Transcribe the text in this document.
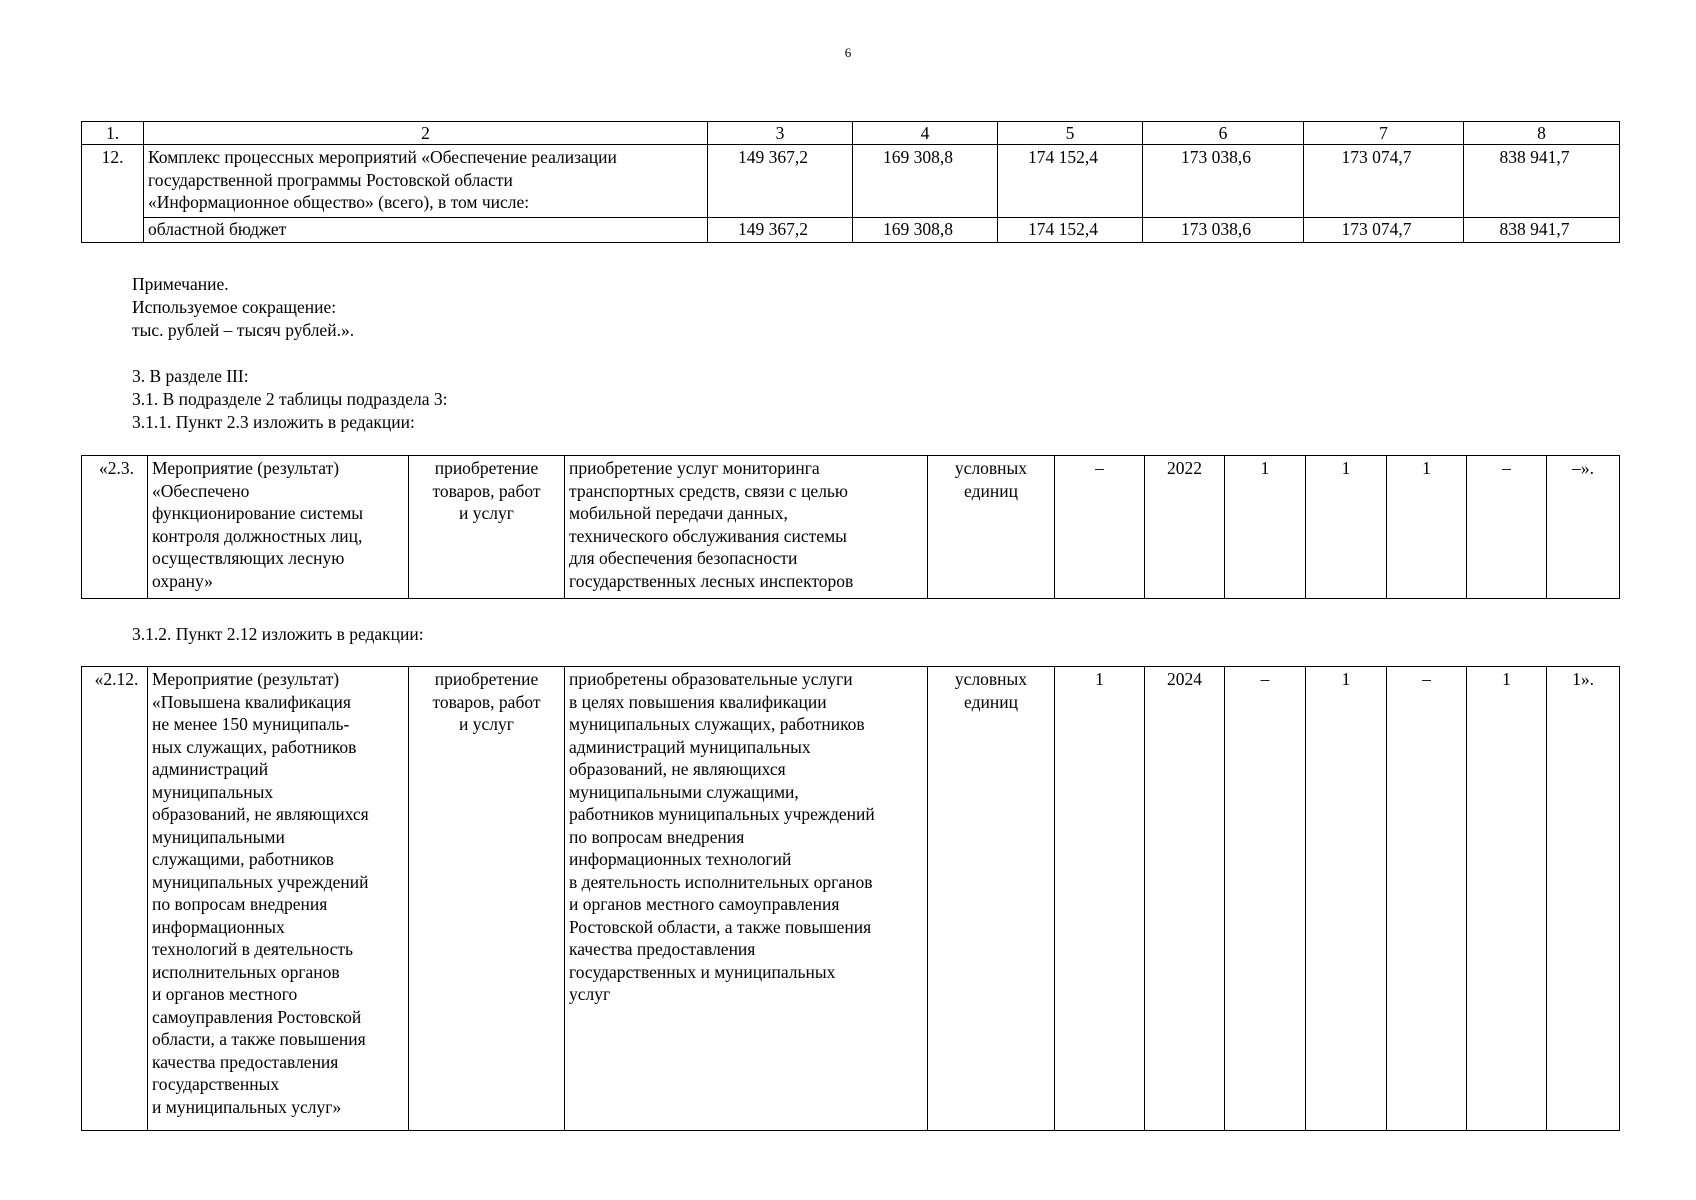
6
1.	2	3	4	5	6	7	8
12.	Комплекс процессных мероприятий «Обеспечение реализации
государственной программы Ростовской области
«Информационное общество» (всего), в том числе:	149 367,2	169 308,8	174 152,4	173 038,6	173 074,7	838 941,7
	областной бюджет	149 367,2	169 308,8	174 152,4	173 038,6	173 074,7	838 941,7
Примечание.
Используемое сокращение:
тыс. рублей – тысяч рублей.».
3. В разделе III:
3.1. В подразделе 2 таблицы подраздела 3:
3.1.1. Пункт 2.3 изложить в редакции:
«2.3.	Мероприятие (результат)
«Обеспечено
функционирование системы
контроля должностных лиц,
осуществляющих лесную
охрану»	приобретение
товаров, работ
и услуг	приобретение услуг мониторинга
транспортных средств, связи с целью
мобильной передачи данных,
технического обслуживания системы
для обеспечения безопасности
государственных лесных инспекторов	условных
единиц	–	2022	1	1	1	–	–».
3.1.2. Пункт 2.12 изложить в редакции:
«2.12.	Мероприятие (результат)
«Повышена квалификация
не менее 150 муниципаль-
ных служащих, работников
администраций
муниципальных
образований, не являющихся
муниципальными
служащими, работников
муниципальных учреждений
по вопросам внедрения
информационных
технологий в деятельность
исполнительных органов
и органов местного
самоуправления Ростовской
области, а также повышения
качества предоставления
государственных
и муниципальных услуг»	приобретение
товаров, работ
и услуг	приобретены образовательные услуги
в целях повышения квалификации
муниципальных служащих, работников
администраций муниципальных
образований, не являющихся
муниципальными служащими,
работников муниципальных учреждений
по вопросам внедрения
информационных технологий
в деятельность исполнительных органов
и органов местного самоуправления
Ростовской области, а также повышения
качества предоставления
государственных и муниципальных
услуг	условных
единиц	1	2024	–	1	–	1	1».
